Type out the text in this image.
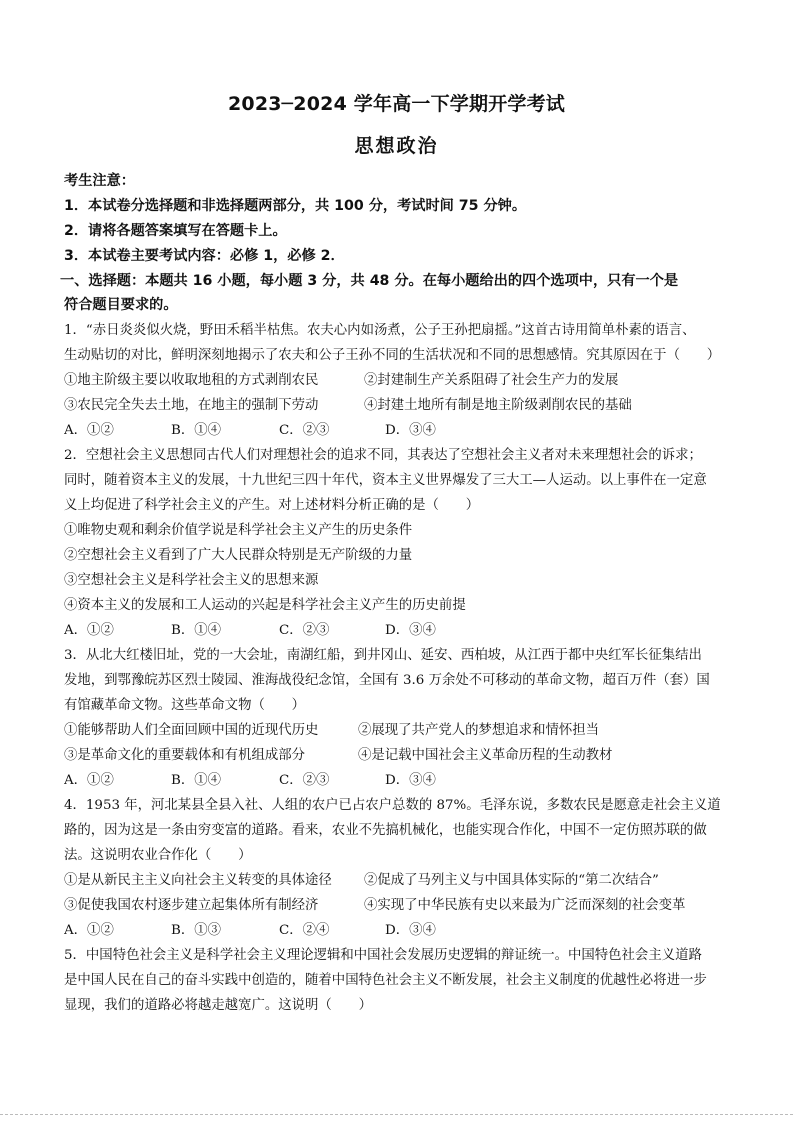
2023─2024 学年高一下学期开学考试
思想政治
考生注意：
1．本试卷分选择题和非选择题两部分，共 100 分，考试时间 75 分钟。
2．请将各题答案填写在答题卡上。
3．本试卷主要考试内容：必修 1，必修 2．
一、选择题：本题共 16 小题，每小题 3 分，共 48 分。在每小题给出的四个选项中，只有一个是
符合题目要求的。
1．“赤日炎炎似火烧，野田禾稻半枯焦。农夫心内如汤煮，公子王孙把扇摇。”这首古诗用简单朴素的语言、
生动贴切的对比，鲜明深刻地揭示了农夫和公子王孙不同的生活状况和不同的思想感情。究其原因在于（　　）
①地主阶级主要以收取地租的方式剥削农民	②封建制生产关系阻碍了社会生产力的发展
③农民完全失去土地，在地主的强制下劳动	④封建土地所有制是地主阶级剥削农民的基础
A．①②	B．①④	C．②③	D．③④
2．空想社会主义思想同古代人们对理想社会的追求不同，其表达了空想社会主义者对未来理想社会的诉求；
同时，随着资本主义的发展，十九世纪三四十年代，资本主义世界爆发了三大工—人运动。以上事件在一定意
义上均促进了科学社会主义的产生。对上述材料分析正确的是（　　）
①唯物史观和剩余价值学说是科学社会主义产生的历史条件
②空想社会主义看到了广大人民群众特别是无产阶级的力量
③空想社会主义是科学社会主义的思想来源
④资本主义的发展和工人运动的兴起是科学社会主义产生的历史前提
A．①②	B．①④	C．②③	D．③④
3．从北大红楼旧址，党的一大会址，南湖红船，到井冈山、延安、西柏坡，从江西于都中央红军长征集结出
发地，到鄂豫皖苏区烈士陵园、淮海战役纪念馆，全国有 3.6 万余处不可移动的革命文物，超百万件（套）国
有馆藏革命文物。这些革命文物（　　）
①能够帮助人们全面回顾中国的近现代历史	②展现了共产党人的梦想追求和情怀担当
③是革命文化的重要载体和有机组成部分	④是记载中国社会主义革命历程的生动教材
A．①②	B．①④	C．②③	D．③④
4．1953 年，河北某县全县入社、人组的农户已占农户总数的 87%。毛泽东说，多数农民是愿意走社会主义道
路的，因为这是一条由穷变富的道路。看来，农业不先搞机械化，也能实现合作化，中国不一定仿照苏联的做
法。这说明农业合作化（　　）
①是从新民主主义向社会主义转变的具体途径 ②促成了马列主义与中国具体实际的“第二次结合”
③促使我国农村逐步建立起集体所有制经济	④实现了中华民族有史以来最为广泛而深刻的社会变革
A．①②	B．①③	C．②④	D．③④
5．中国特色社会主义是科学社会主义理论逻辑和中国社会发展历史逻辑的辩证统一。中国特色社会主义道路
是中国人民在自己的奋斗实践中创造的，随着中国特色社会主义不断发展，社会主义制度的优越性必将进一步
显现，我们的道路必将越走越宽广。这说明（　　）
